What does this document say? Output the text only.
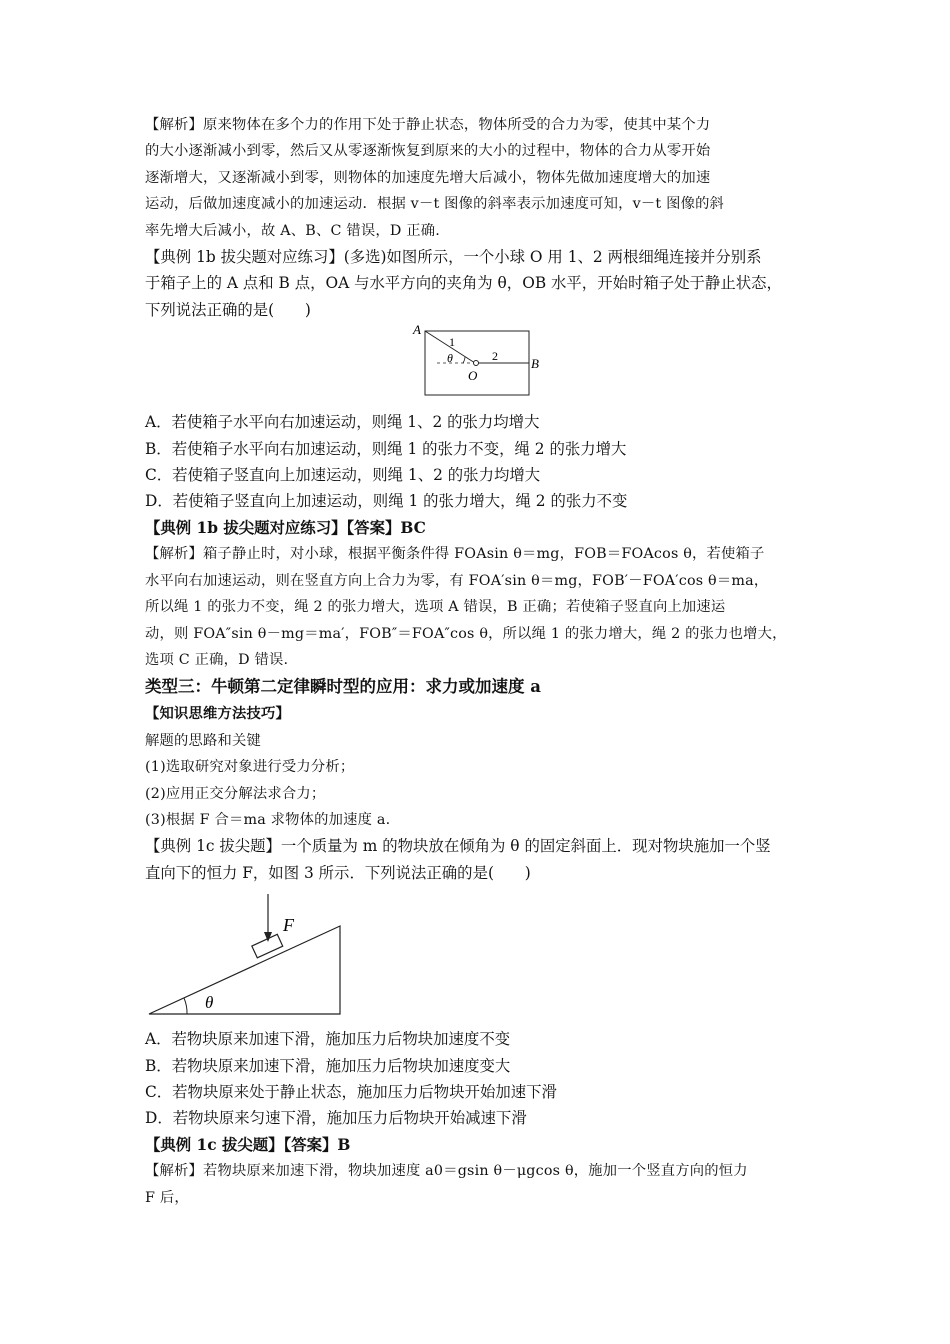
【解析】原来物体在多个力的作用下处于静止状态，物体所受的合力为零，使其中某个力

的大小逐渐减小到零，然后又从零逐渐恢复到原来的大小的过程中，物体的合力从零开始

逐渐增大，又逐渐减小到零，则物体的加速度先增大后减小，物体先做加速度增大的加速

运动，后做加速度减小的加速运动．根据 v－t 图像的斜率表示加速度可知，v－t 图像的斜

率先增大后减小，故 A、B、C 错误，D 正确.

【典例 1b 拔尖题对应练习】(多选)如图所示，一个小球 O 用 1、2 两根细绳连接并分别系

于箱子上的 A 点和 B 点，OA 与水平方向的夹角为 θ，OB 水平，开始时箱子处于静止状态，

下列说法正确的是(　　)

A．若使箱子水平向右加速运动，则绳 1、2 的张力均增大

B．若使箱子水平向右加速运动，则绳 1 的张力不变，绳 2 的张力增大

C．若使箱子竖直向上加速运动，则绳 1、2 的张力均增大

D．若使箱子竖直向上加速运动，则绳 1 的张力增大，绳 2 的张力不变

【典例 1b 拔尖题对应练习】【答案】BC

【解析】箱子静止时，对小球，根据平衡条件得 FOAsin θ＝mg，FOB＝FOAcos θ，若使箱子

水平向右加速运动，则在竖直方向上合力为零，有 FOA′sin θ＝mg，FOB′－FOA′cos θ＝ma，

所以绳 1 的张力不变，绳 2 的张力增大，选项 A 错误，B 正确；若使箱子竖直向上加速运

动，则 FOA″sin θ－mg＝ma′，FOB″＝FOA″cos θ，所以绳 1 的张力增大，绳 2 的张力也增大，

选项 C 正确，D 错误.

类型三：牛顿第二定律瞬时型的应用：求力或加速度 a

【知识思维方法技巧】

解题的思路和关键

(1)选取研究对象进行受力分析；

(2)应用正交分解法求合力；

(3)根据 F 合＝ma 求物体的加速度 a.

【典例 1c 拔尖题】一个质量为 m 的物块放在倾角为 θ 的固定斜面上．现对物块施加一个竖

直向下的恒力 F，如图 3 所示．下列说法正确的是(　　)

A．若物块原来加速下滑，施加压力后物块加速度不变

B．若物块原来加速下滑，施加压力后物块加速度变大

C．若物块原来处于静止状态，施加压力后物块开始加速下滑

D．若物块原来匀速下滑，施加压力后物块开始减速下滑

【典例 1c 拔尖题】【答案】B

【解析】若物块原来加速下滑，物块加速度 a0＝gsin θ－μgcos θ，施加一个竖直方向的恒力

F 后，

A
B
O
1
2
θ
F
θ
